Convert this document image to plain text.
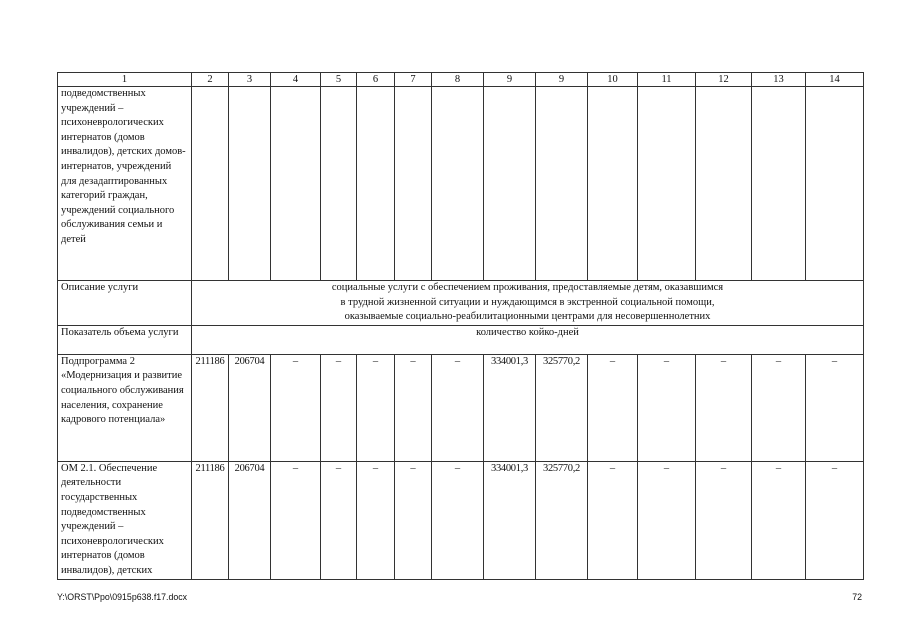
1	2	3	4	5	6	7	8	9	9	10	11	12	13	14
подведомственных учреждений – психоневрологических интернатов (домов инвалидов), детских домов-интернатов, учреждений для дезадаптированных категорий граждан, учреждений социального обслуживания семьи и детей														
Описание услуги	социальные услуги с обеспечением проживания, предоставляемые детям, оказавшимся
в трудной жизненной ситуации и нуждающимся в экстренной социальной помощи,
оказываемые социально-реабилитационными центрами для несовершеннолетних													

Показатель объема услуги	количество койко-дней													
Подпрограмма 2 «Модернизация и развитие социального обслуживания населения, сохранение кадрового потенциала»	211186	206704	–	–	–	–	–	334001,3	325770,2	–	–	–	–	–
ОМ 2.1. Обеспечение деятельности государственных подведомственных учреждений – психоневрологических интернатов (домов инвалидов), детских	211186	206704	–	–	–	–	–	334001,3	325770,2	–	–	–	–	–
Y:\ORST\Ppo\0915p638.f17.docx	72
